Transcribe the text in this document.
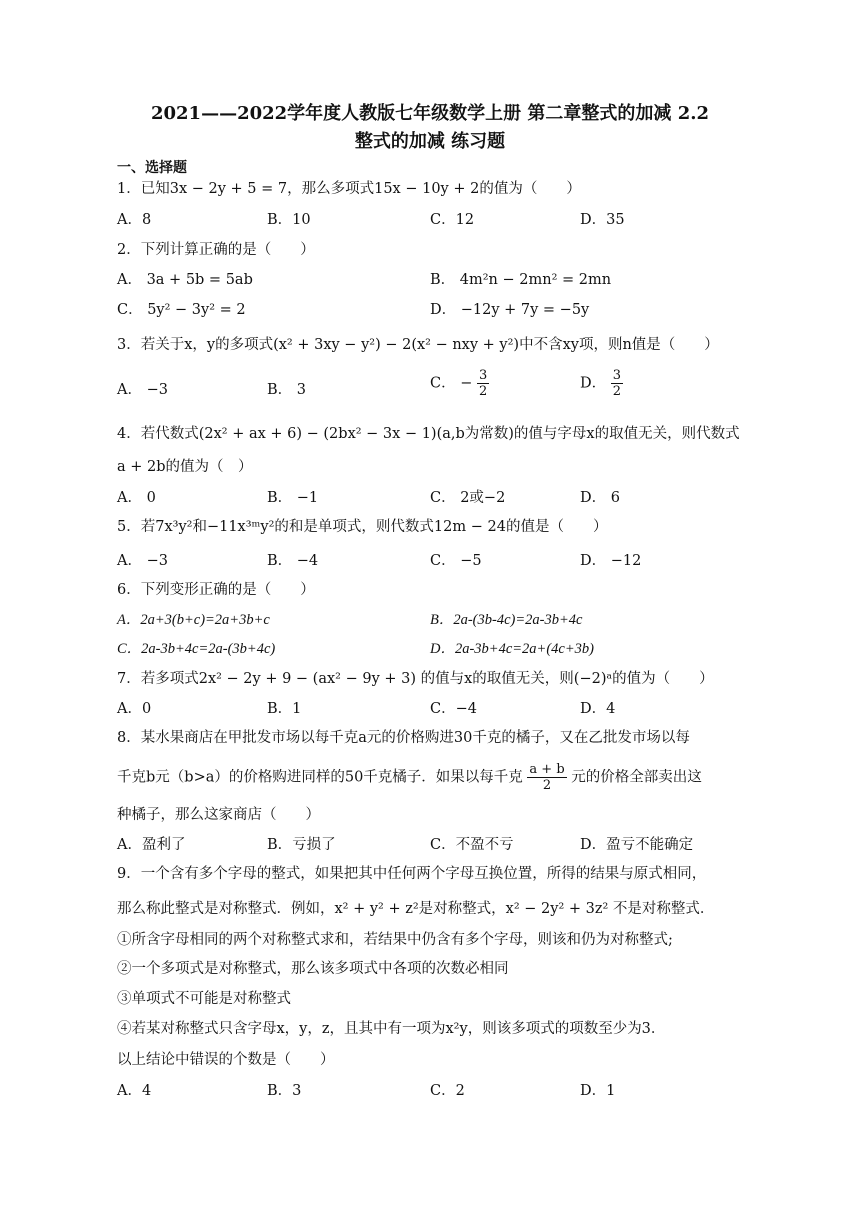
2021——2022学年度人教版七年级数学上册 第二章整式的加减 2.2
整式的加减 练习题
一、选择题
1．已知3x − 2y + 5 = 7，那么多项式15x − 10y + 2的值为（　　）
A．8	B．10	C．12	D．35
2．下列计算正确的是（　　）
A． 3a + 5b = 5ab	B． 4m²n − 2mn² = 2mn
C． 5y² − 3y² = 2	D． −12y + 7y = −5y
3．若关于x，y的多项式(x² + 3xy − y²) − 2(x² − nxy + y²)中不含xy项，则n值是（　　）
A． −3	B． 3	C． − $\frac{3}{2}$	D． $\frac{3}{2}$
4．若代数式(2x² + ax + 6) − (2bx² − 3x − 1)(a,b为常数)的值与字母x的取值无关，则代数式
a + 2b的值为（　）
A． 0	B． −1	C． 2或−2	D． 6
5．若7x³y²和−11x³ᵐy²的和是单项式，则代数式12m − 24的值是（　　）
A． −3	B． −4	C． −5	D． −12
6．下列变形正确的是（　　）
A．2a+3(b+c)=2a+3b+c	B．2a-(3b-4c)=2a-3b+4c
C．2a-3b+4c=2a-(3b+4c)	D．2a-3b+4c=2a+(4c+3b)
7．若多项式2x² − 2y + 9 − (ax² − 9y + 3) 的值与x的取值无关，则(−2)ᵃ的值为（　　）
A．0	B．1	C．−4	D．4
8．某水果商店在甲批发市场以每千克a元的价格购进30千克的橘子，又在乙批发市场以每
千克b元（b>a）的价格购进同样的50千克橘子．如果以每千克 $\frac{a + b}{2}$ 元的价格全部卖出这
种橘子，那么这家商店（　　）
A．盈利了	B．亏损了	C．不盈不亏	D．盈亏不能确定
9．一个含有多个字母的整式，如果把其中任何两个字母互换位置，所得的结果与原式相同，
那么称此整式是对称整式．例如，x² + y² + z²是对称整式，x² − 2y² + 3z² 不是对称整式．
①所含字母相同的两个对称整式求和，若结果中仍含有多个字母，则该和仍为对称整式;
②一个多项式是对称整式，那么该多项式中各项的次数必相同
③单项式不可能是对称整式
④若某对称整式只含字母x，y，z，且其中有一项为x²y，则该多项式的项数至少为3．
以上结论中错误的个数是（　　）
A．4	B．3	C．2	D．1
